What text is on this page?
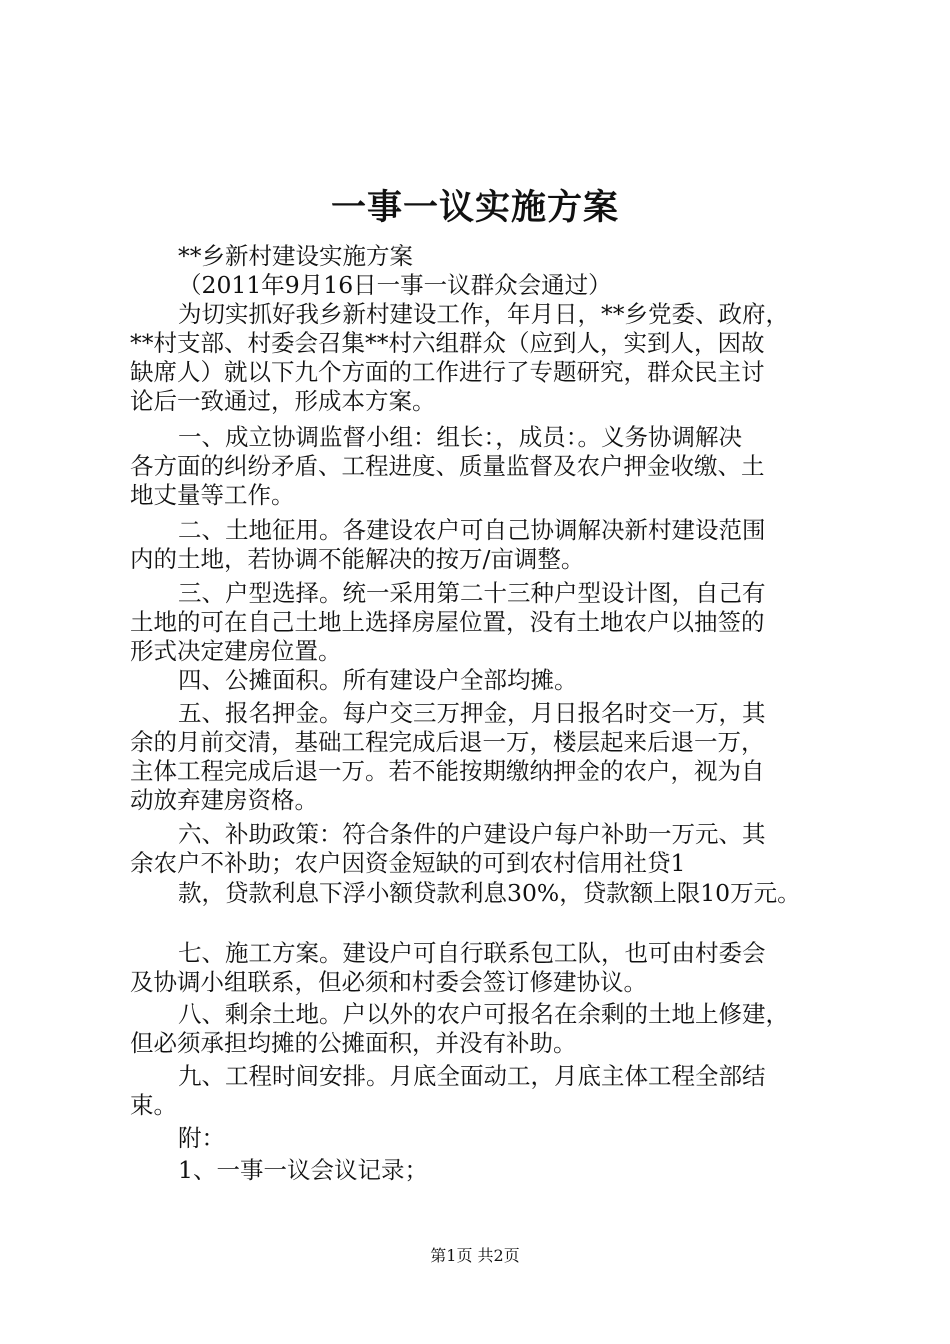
一事一议实施方案
**乡新村建设实施方案
（2011年9月16日一事一议群众会通过）
为切实抓好我乡新村建设工作，年月日，**乡党委、政府，
**村支部、村委会召集**村六组群众（应到人，实到人，因故
缺席人）就以下九个方面的工作进行了专题研究，群众民主讨
论后一致通过，形成本方案。
一、成立协调监督小组：组长：，成员：。义务协调解决
各方面的纠纷矛盾、工程进度、质量监督及农户押金收缴、土
地丈量等工作。
二、土地征用。各建设农户可自己协调解决新村建设范围
内的土地，若协调不能解决的按万/亩调整。
三、户型选择。统一采用第二十三种户型设计图，自己有
土地的可在自己土地上选择房屋位置，没有土地农户以抽签的
形式决定建房位置。
四、公摊面积。所有建设户全部均摊。
五、报名押金。每户交三万押金，月日报名时交一万，其
余的月前交清，基础工程完成后退一万，楼层起来后退一万，
主体工程完成后退一万。若不能按期缴纳押金的农户，视为自
动放弃建房资格。
六、补助政策：符合条件的户建设户每户补助一万元、其
余农户不补助；农户因资金短缺的可到农村信用社贷1
款，贷款利息下浮小额贷款利息30%，贷款额上限10万元。
七、施工方案。建设户可自行联系包工队，也可由村委会
及协调小组联系，但必须和村委会签订修建协议。
八、剩余土地。户以外的农户可报名在余剩的土地上修建，
但必须承担均摊的公摊面积，并没有补助。
九、工程时间安排。月底全面动工，月底主体工程全部结
束。
附：
1、一事一议会议记录；
第1页 共2页
